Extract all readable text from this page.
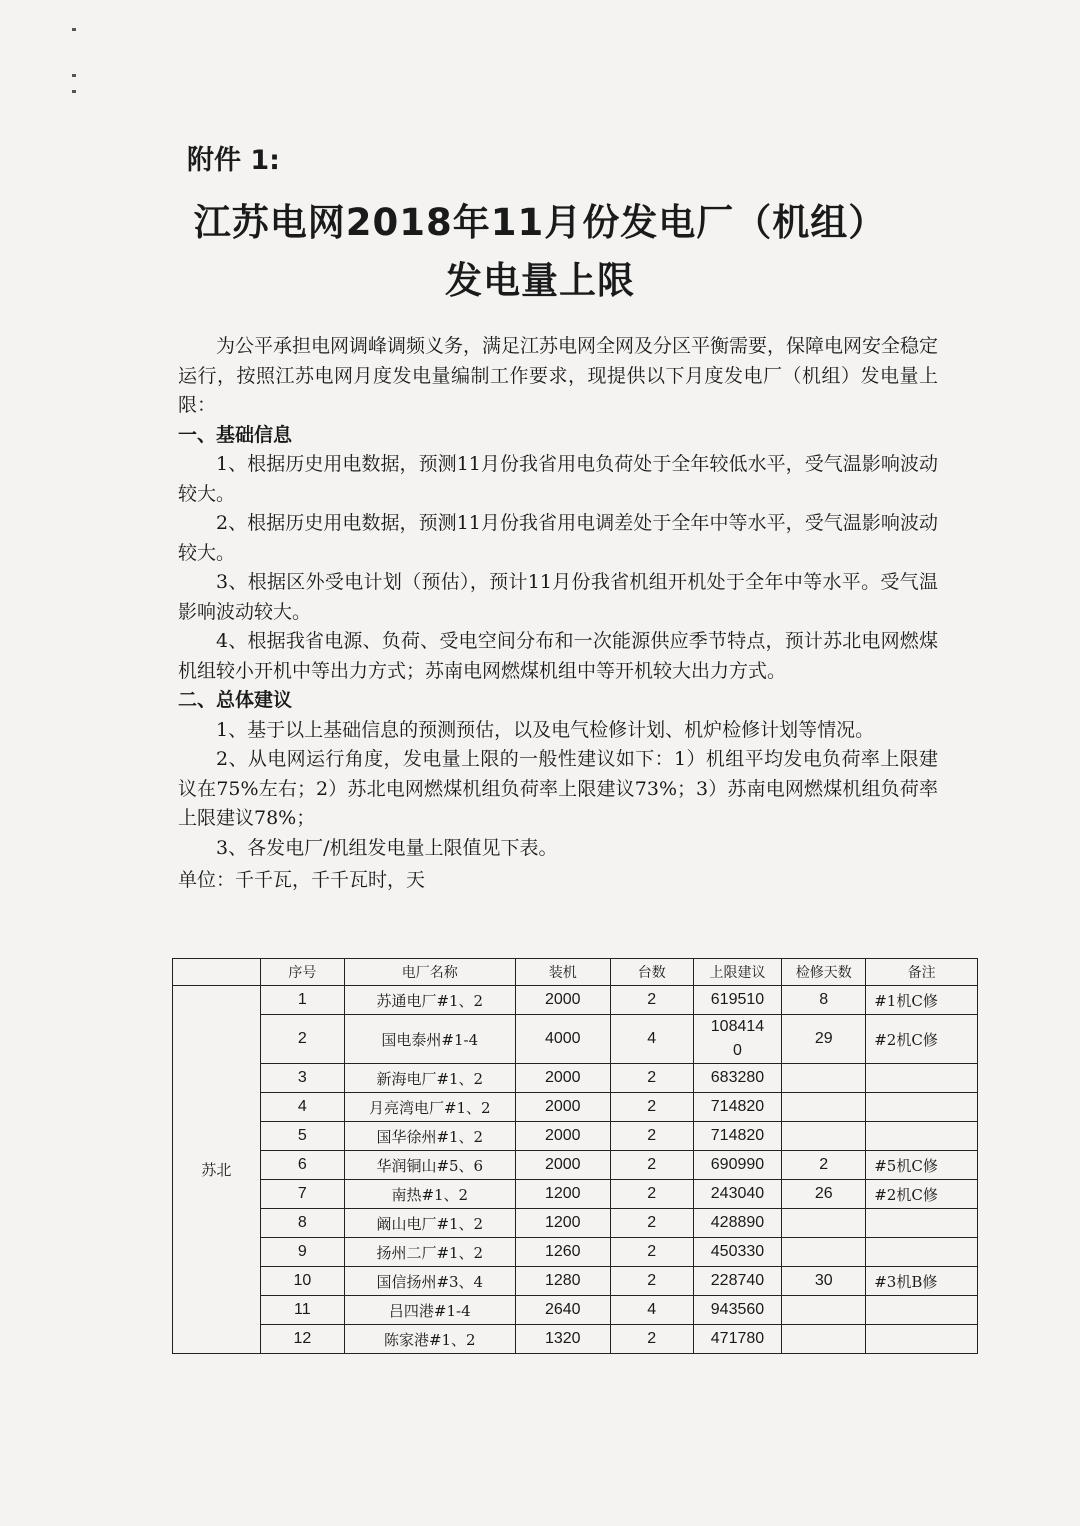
附件 1:
江苏电网2018年11月份发电厂（机组）
发电量上限

为公平承担电网调峰调频义务，满足江苏电网全网及分区平衡需要，保障电网安全稳定运行，按照江苏电网月度发电量编制工作要求，现提供以下月度发电厂（机组）发电量上限：

一、基础信息

1、根据历史用电数据，预测11月份我省用电负荷处于全年较低水平，受气温影响波动较大。

2、根据历史用电数据，预测11月份我省用电调差处于全年中等水平，受气温影响波动较大。

3、根据区外受电计划（预估），预计11月份我省机组开机处于全年中等水平。受气温影响波动较大。

4、根据我省电源、负荷、受电空间分布和一次能源供应季节特点，预计苏北电网燃煤机组较小开机中等出力方式；苏南电网燃煤机组中等开机较大出力方式。

二、总体建议

1、基于以上基础信息的预测预估，以及电气检修计划、机炉检修计划等情况。

2、从电网运行角度，发电量上限的一般性建议如下：1）机组平均发电负荷率上限建议在75%左右；2）苏北电网燃煤机组负荷率上限建议73%；3）苏南电网燃煤机组负荷率上限建议78%；

3、各发电厂/机组发电量上限值见下表。

单位：千千瓦，千千瓦时，天

	序号	电厂名称	装机	台数	上限建议	检修天数	备注
苏北	1	苏通电厂#1、2	2000	2	619510	8	#1机C修
	2	国电泰州#1-4	4000	4	1084140	29	#2机C修
	3	新海电厂#1、2	2000	2	683280		
	4	月亮湾电厂#1、2	2000	2	714820		
	5	国华徐州#1、2	2000	2	714820		
	6	华润铜山#5、6	2000	2	690990	2	#5机C修
	7	南热#1、2	1200	2	243040	26	#2机C修
	8	阚山电厂#1、2	1200	2	428890		
	9	扬州二厂#1、2	1260	2	450330		
	10	国信扬州#3、4	1280	2	228740	30	#3机B修
	11	吕四港#1-4	2640	4	943560		
	12	陈家港#1、2	1320	2	471780		
